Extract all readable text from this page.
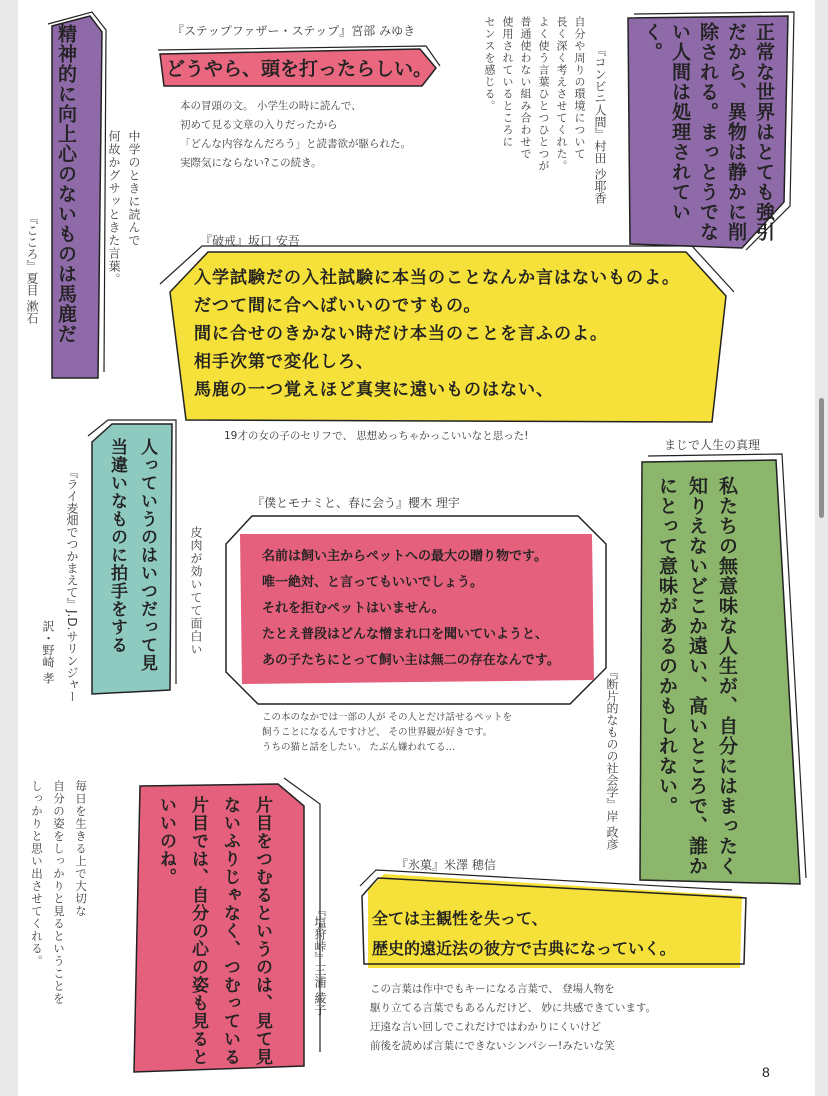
『ステップファザー・ステップ』宮部 みゆき
どうやら、頭を打ったらしい。
本の冒頭の文。 小学生の時に読んで、
初めて見る文章の入りだったから
「どんな内容なんだろう」と読書欲が駆られた。
実際気にならない?この続き。
精神的に向上心のないものは馬鹿だ
『こころ』夏目 漱石
中学のときに読んで
何故かグサッときた言葉。
自分や周りの環境について
長く深く考えさせてくれた。
よく使う言葉ひとつひとつが
普通使わない組み合わせで
使用されているところに
センスを感じる。	『コンビニ人間』村田 沙耶香	正常な世界はとても強引だから、異物は静かに削除される。まっとうでない人間は処理されていく。
『破戒』坂口 安吾
入学試験だの入社試験に本当のことなんか言はないものよ。
だつて間に合へばいいのですもの。
間に合せのきかない時だけ本当のことを言ふのよ。
相手次第で変化しろ、
馬鹿の一つ覚えほど真実に遠いものはない、
19才の女の子のセリフで、 思想めっちゃかっこいいなと思った!
『ライ麦畑でつかまえて』J.D.サリンジャー
訳・野崎 孝	人っていうのはいつだって見当違いなものに拍手をする	皮肉が効いてて面白い
『僕とモナミと、春に会う』櫻木 理宇
名前は飼い主からペットへの最大の贈り物です。
唯一絶対、と言ってもいいでしょう。
それを拒むペットはいません。
たとえ普段はどんな憎まれ口を聞いていようと、
あの子たちにとって飼い主は無二の存在なんです。
この本のなかでは一部の人が その人とだけ話せるペットを
飼うことになるんですけど、 その世界観が好きです。
うちの猫と話をしたい。 たぶん嫌われてる…
まじで人生の真理
『断片的なものの社会学』岸 政彦
私たちの無意味な人生が、自分にはまったく知りえないどこか遠い、高いところで、誰かにとって意味があるのかもしれない。
毎日を生きる上で大切な
自分の姿をしっかりと見るということを
しっかりと思い出させてくれる。	片目をつむるというのは、見て見ないふりじゃなく、つむっている片目では、自分の心の姿も見るといいのね。
『塩狩峠』三浦 綾子
『氷菓』米澤 穂信
全ては主観性を失って、
歴史的遠近法の彼方で古典になっていく。
この言葉は作中でもキーになる言葉で、 登場人物を
駆り立てる言葉でもあるんだけど、 妙に共感できています。
迂遠な言い回しでこれだけではわかりにくいけど
前後を読めば言葉にできないシンパシー!みたいな笑
8
